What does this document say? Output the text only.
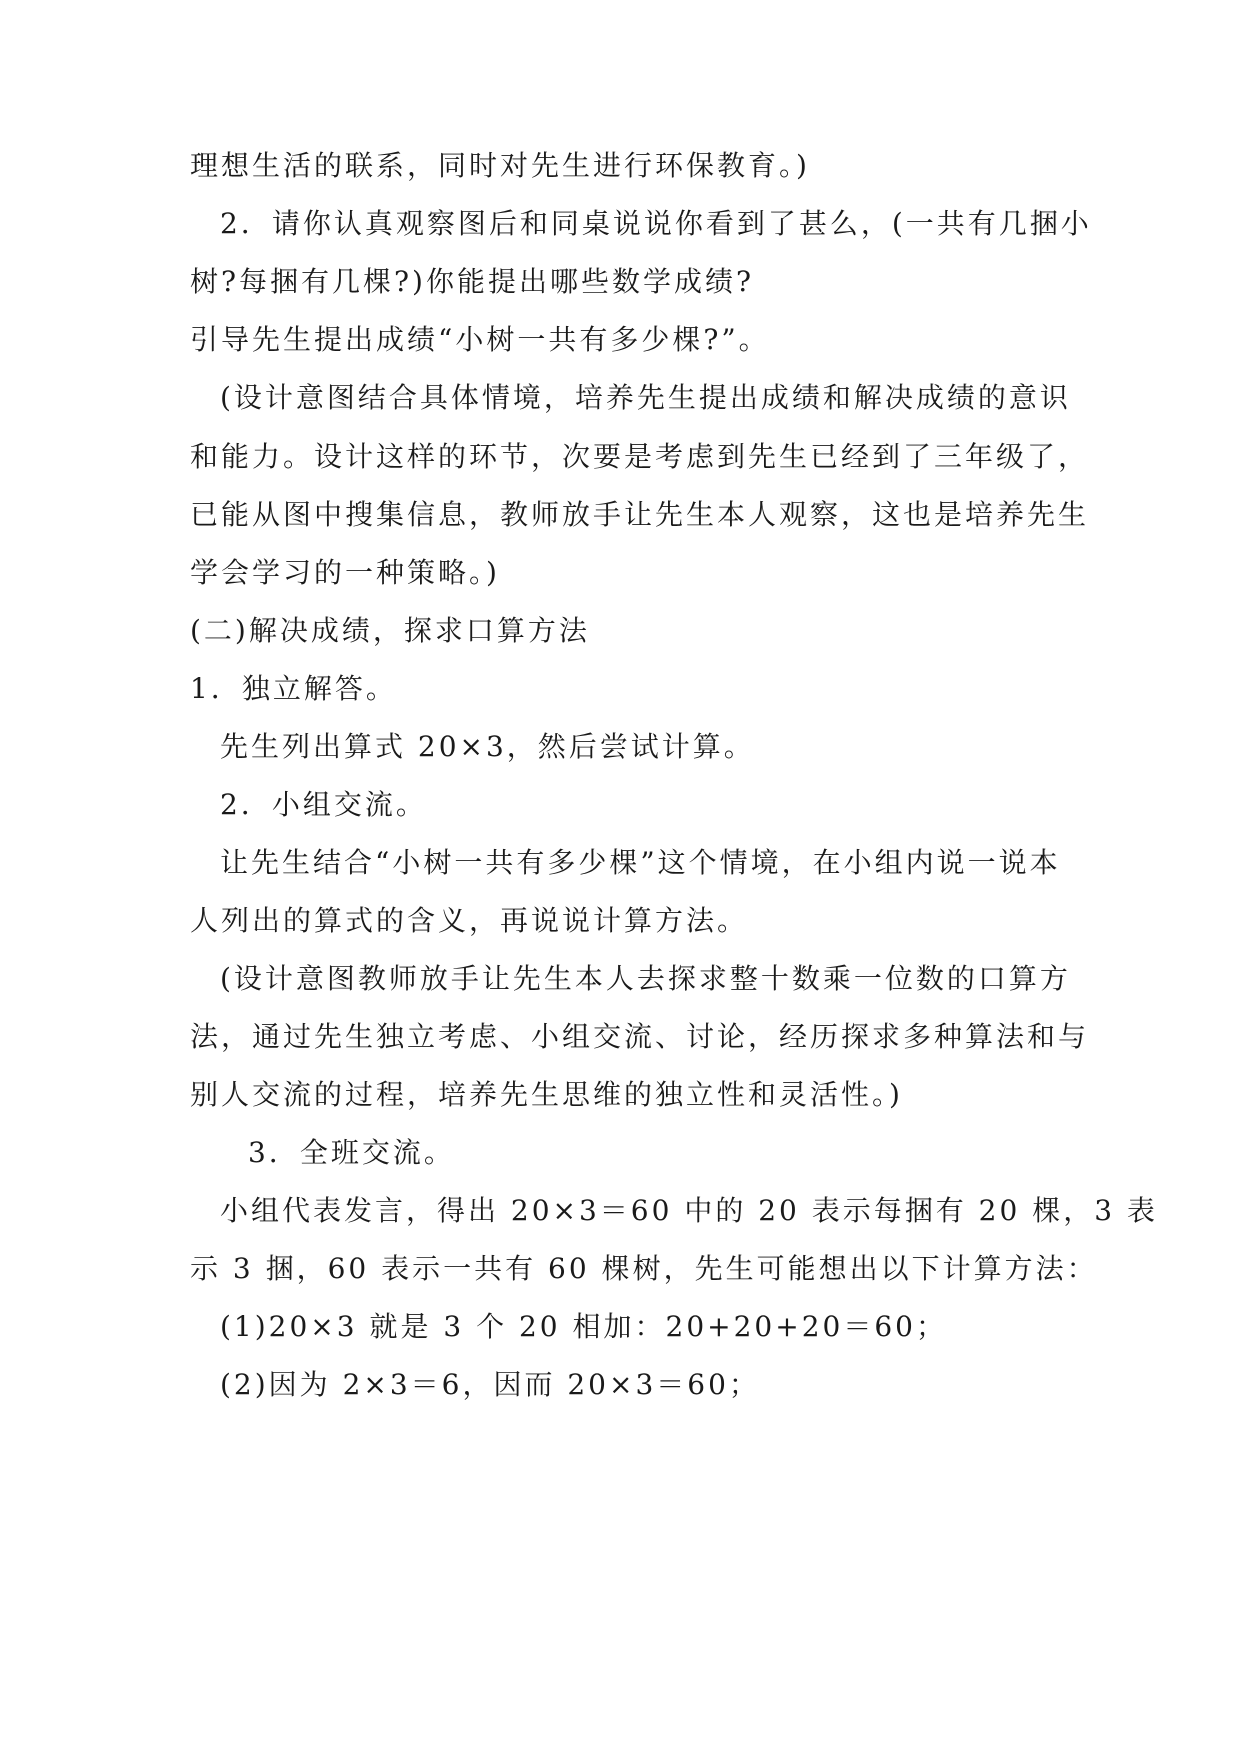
理想生活的联系，同时对先生进行环保教育。)
2．请你认真观察图后和同桌说说你看到了甚么，(一共有几捆小
树?每捆有几棵?)你能提出哪些数学成绩?
引导先生提出成绩“小树一共有多少棵?”。
(设计意图结合具体情境，培养先生提出成绩和解决成绩的意识
和能力。设计这样的环节，次要是考虑到先生已经到了三年级了，
已能从图中搜集信息，教师放手让先生本人观察，这也是培养先生
学会学习的一种策略。)
(二)解决成绩，探求口算方法
1．独立解答。
先生列出算式 20×3，然后尝试计算。
2．小组交流。
让先生结合“小树一共有多少棵”这个情境，在小组内说一说本
人列出的算式的含义，再说说计算方法。
(设计意图教师放手让先生本人去探求整十数乘一位数的口算方
法，通过先生独立考虑、小组交流、讨论，经历探求多种算法和与
别人交流的过程，培养先生思维的独立性和灵活性。)
3．全班交流。
小组代表发言，得出 20×3＝60 中的 20 表示每捆有 20 棵，3 表
示 3 捆，60 表示一共有 60 棵树，先生可能想出以下计算方法：
(1)20×3 就是 3 个 20 相加：20+20+20＝60；
(2)因为 2×3＝6，因而 20×3＝60；
